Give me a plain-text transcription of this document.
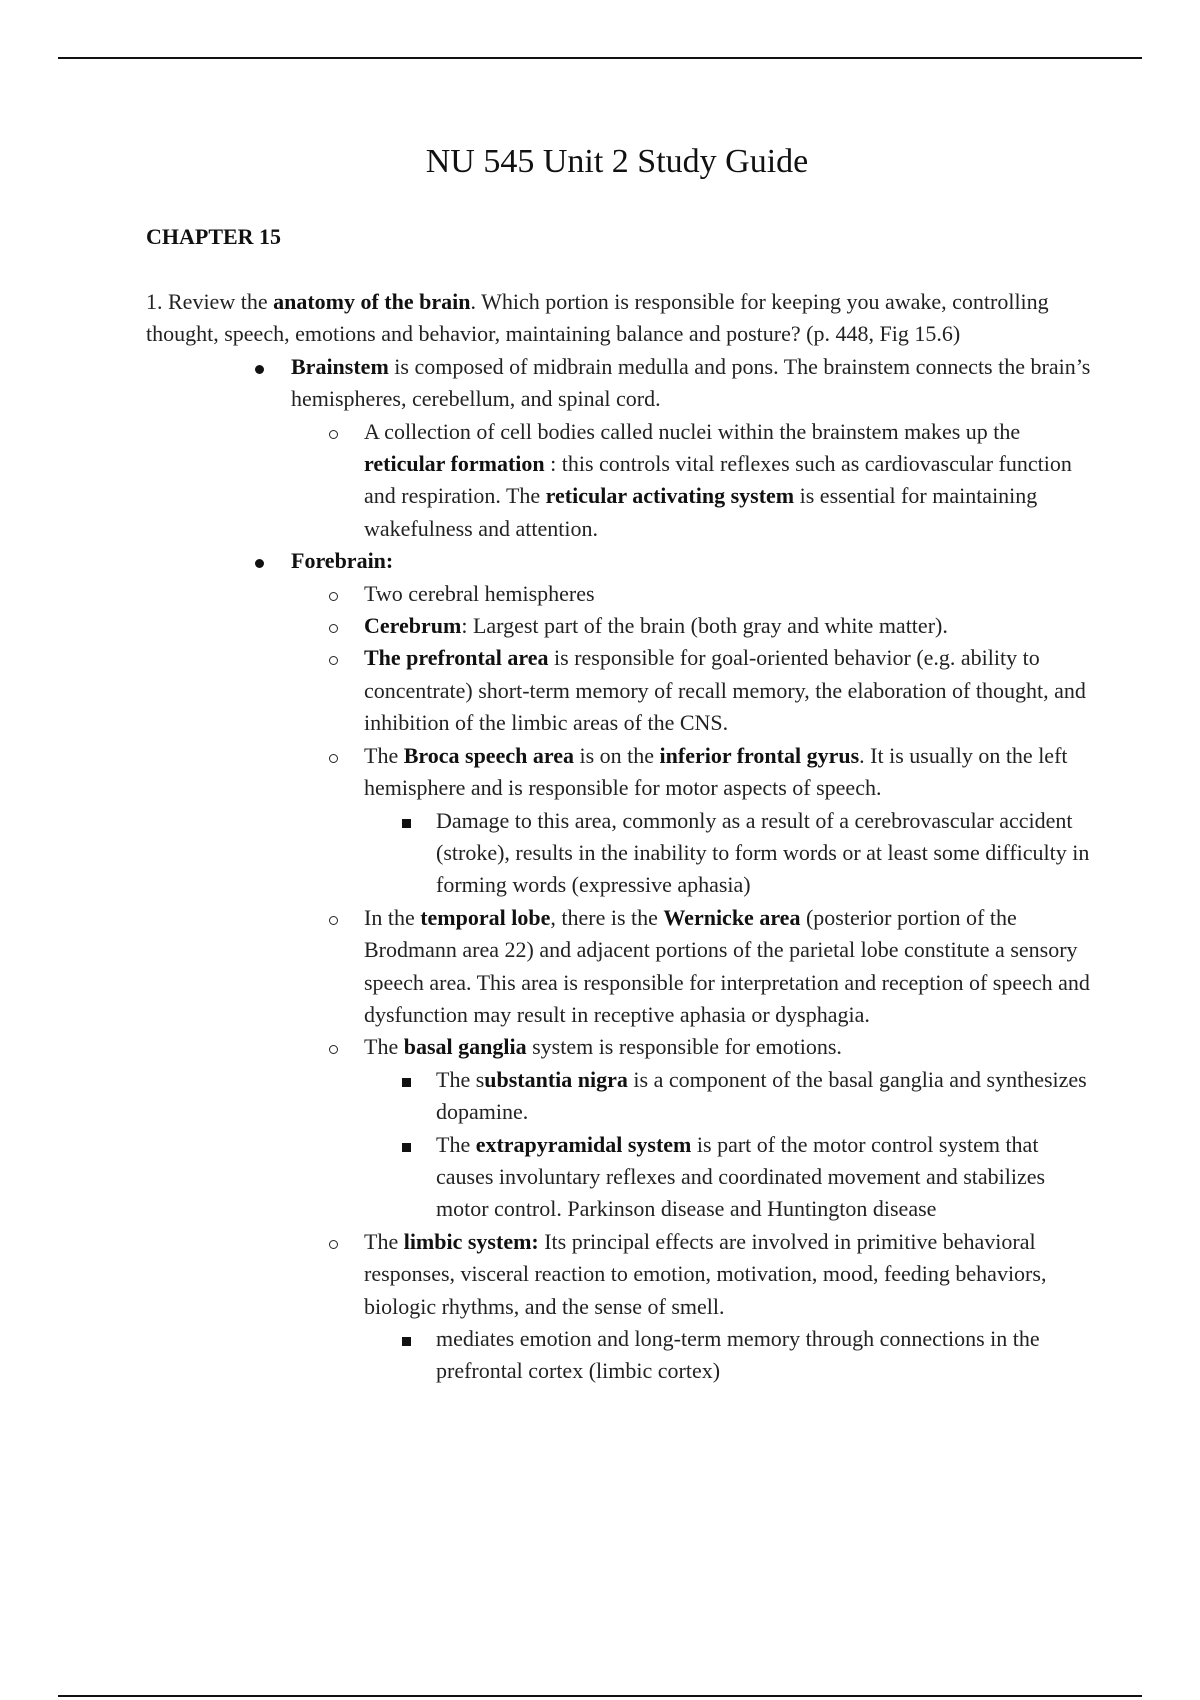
NU 545 Unit 2 Study Guide
CHAPTER 15

1. Review the anatomy of the brain. Which portion is responsible for keeping you awake, controlling thought, speech, emotions and behavior, maintaining balance and posture? (p. 448, Fig 15.6)

Brainstem is composed of midbrain medulla and pons. The brainstem connects the brain’s hemispheres, cerebellum, and spinal cord.
A collection of cell bodies called nuclei within the brainstem makes up the reticular formation : this controls vital reflexes such as cardiovascular function and respiration. The reticular activating system is essential for maintaining wakefulness and attention.
Forebrain:
Two cerebral hemispheres
Cerebrum: Largest part of the brain (both gray and white matter).
The prefrontal area is responsible for goal-oriented behavior (e.g. ability to concentrate) short-term memory of recall memory, the elaboration of thought, and inhibition of the limbic areas of the CNS.
The Broca speech area is on the inferior frontal gyrus. It is usually on the left hemisphere and is responsible for motor aspects of speech.
Damage to this area, commonly as a result of a cerebrovascular accident (stroke), results in the inability to form words or at least some difficulty in forming words (expressive aphasia)
In the temporal lobe, there is the Wernicke area (posterior portion of the Brodmann area 22) and adjacent portions of the parietal lobe constitute a sensory speech area. This area is responsible for interpretation and reception of speech and dysfunction may result in receptive aphasia or dysphagia.
The basal ganglia system is responsible for emotions.
The substantia nigra is a component of the basal ganglia and synthesizes dopamine.
The extrapyramidal system is part of the motor control system that causes involuntary reflexes and coordinated movement and stabilizes motor control. Parkinson disease and Huntington disease
The limbic system: Its principal effects are involved in primitive behavioral responses, visceral reaction to emotion, motivation, mood, feeding behaviors, biologic rhythms, and the sense of smell.
mediates emotion and long-term memory through connections in the prefrontal cortex (limbic cortex)
